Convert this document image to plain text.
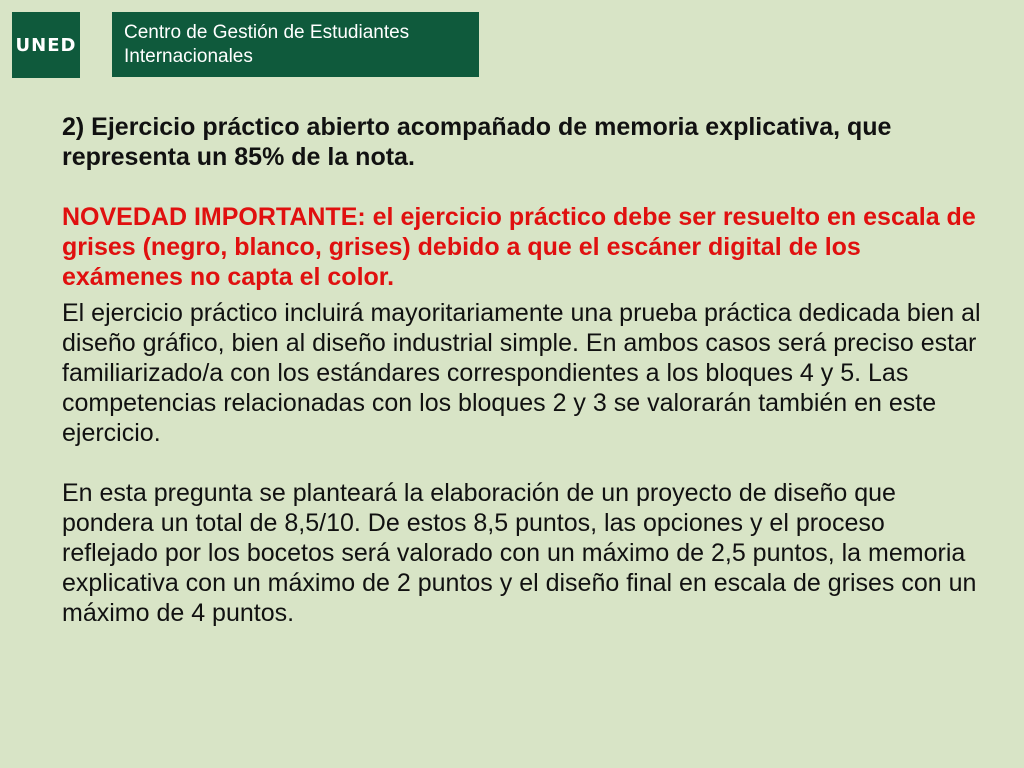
UNED
Centro de Gestión de Estudiantes
Internacionales

2) Ejercicio práctico abierto acompañado de memoria explicativa, que representa un 85% de la nota.

NOVEDAD IMPORTANTE: el ejercicio práctico debe ser resuelto en escala de grises (negro, blanco, grises) debido a que el escáner digital de los exámenes no capta el color.

El ejercicio práctico incluirá mayoritariamente una prueba práctica dedicada bien al diseño gráfico, bien al diseño industrial simple. En ambos casos será preciso estar familiarizado/a con los estándares correspondientes a los bloques 4 y 5. Las competencias relacionadas con los bloques 2 y 3 se valorarán también en este ejercicio.

En esta pregunta se planteará la elaboración de un proyecto de diseño que pondera un total de 8,5/10. De estos 8,5 puntos, las opciones y el proceso reflejado por los bocetos será valorado con un máximo de 2,5 puntos, la memoria explicativa con un máximo de 2 puntos y el diseño final en escala de grises con un máximo de 4 puntos.
